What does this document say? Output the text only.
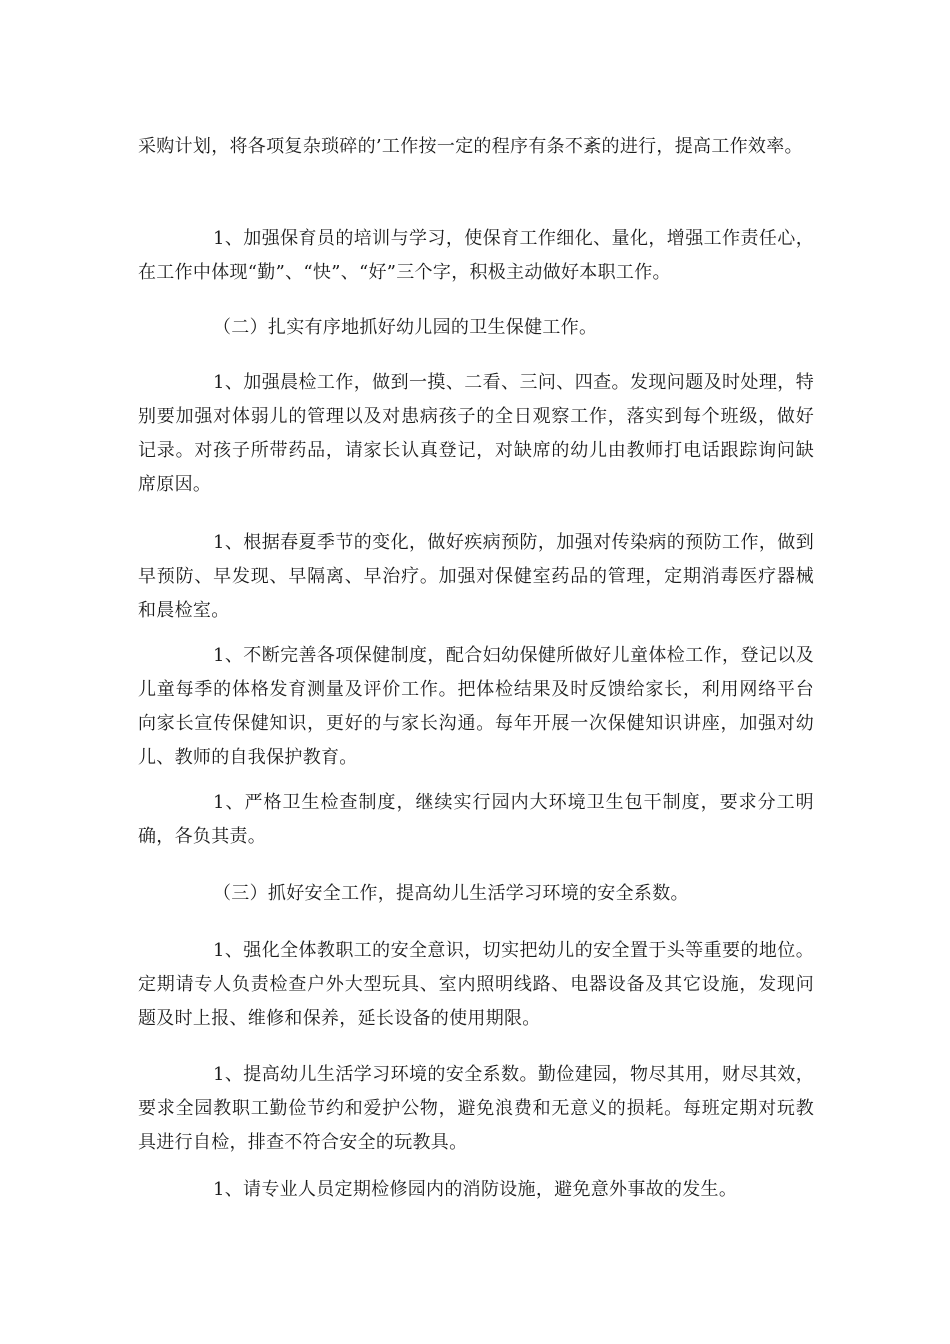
采购计划，将各项复杂琐碎的’工作按一定的程序有条不紊的进行，提高工作效率。

1、加强保育员的培训与学习，使保育工作细化、量化，增强工作责任心，在工作中体现“勤”、“快”、“好”三个字，积极主动做好本职工作。

（二）扎实有序地抓好幼儿园的卫生保健工作。

1、加强晨检工作，做到一摸、二看、三问、四查。发现问题及时处理，特别要加强对体弱儿的管理以及对患病孩子的全日观察工作，落实到每个班级，做好记录。对孩子所带药品，请家长认真登记，对缺席的幼儿由教师打电话跟踪询问缺席原因。

1、根据春夏季节的变化，做好疾病预防，加强对传染病的预防工作，做到早预防、早发现、早隔离、早治疗。加强对保健室药品的管理，定期消毒医疗器械和晨检室。

1、不断完善各项保健制度，配合妇幼保健所做好儿童体检工作，登记以及儿童每季的体格发育测量及评价工作。把体检结果及时反馈给家长，利用网络平台向家长宣传保健知识，更好的与家长沟通。每年开展一次保健知识讲座，加强对幼儿、教师的自我保护教育。

1、严格卫生检查制度，继续实行园内大环境卫生包干制度，要求分工明确，各负其责。

（三）抓好安全工作，提高幼儿生活学习环境的安全系数。

1、强化全体教职工的安全意识，切实把幼儿的安全置于头等重要的地位。定期请专人负责检查户外大型玩具、室内照明线路、电器设备及其它设施，发现问题及时上报、维修和保养，延长设备的使用期限。

1、提高幼儿生活学习环境的安全系数。勤俭建园，物尽其用，财尽其效，要求全园教职工勤俭节约和爱护公物，避免浪费和无意义的损耗。每班定期对玩教具进行自检，排查不符合安全的玩教具。

1、请专业人员定期检修园内的消防设施，避免意外事故的发生。
